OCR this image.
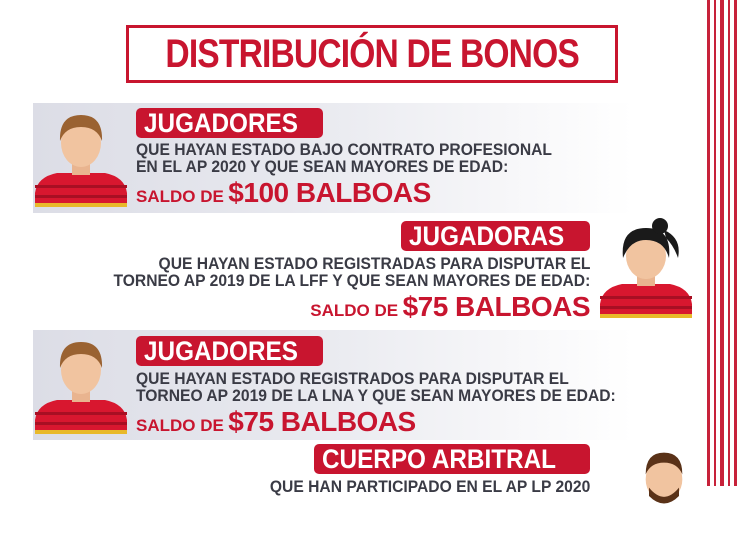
DISTRIBUCIÓN DE BONOS
JUGADORES
QUE HAYAN ESTADO BAJO CONTRATO PROFESIONAL
EN EL AP 2020 Y QUE SEAN MAYORES DE EDAD:
SALDO DE $100 BALBOAS
JUGADORAS
QUE HAYAN ESTADO REGISTRADAS PARA DISPUTAR EL
TORNEO AP 2019 DE LA LFF Y QUE SEAN MAYORES DE EDAD:
SALDO DE $75 BALBOAS
JUGADORES
QUE HAYAN ESTADO REGISTRADOS PARA DISPUTAR EL
TORNEO AP 2019 DE LA LNA Y QUE SEAN MAYORES DE EDAD:
SALDO DE $75 BALBOAS
CUERPO ARBITRAL
QUE HAN PARTICIPADO EN EL AP LP 2020
